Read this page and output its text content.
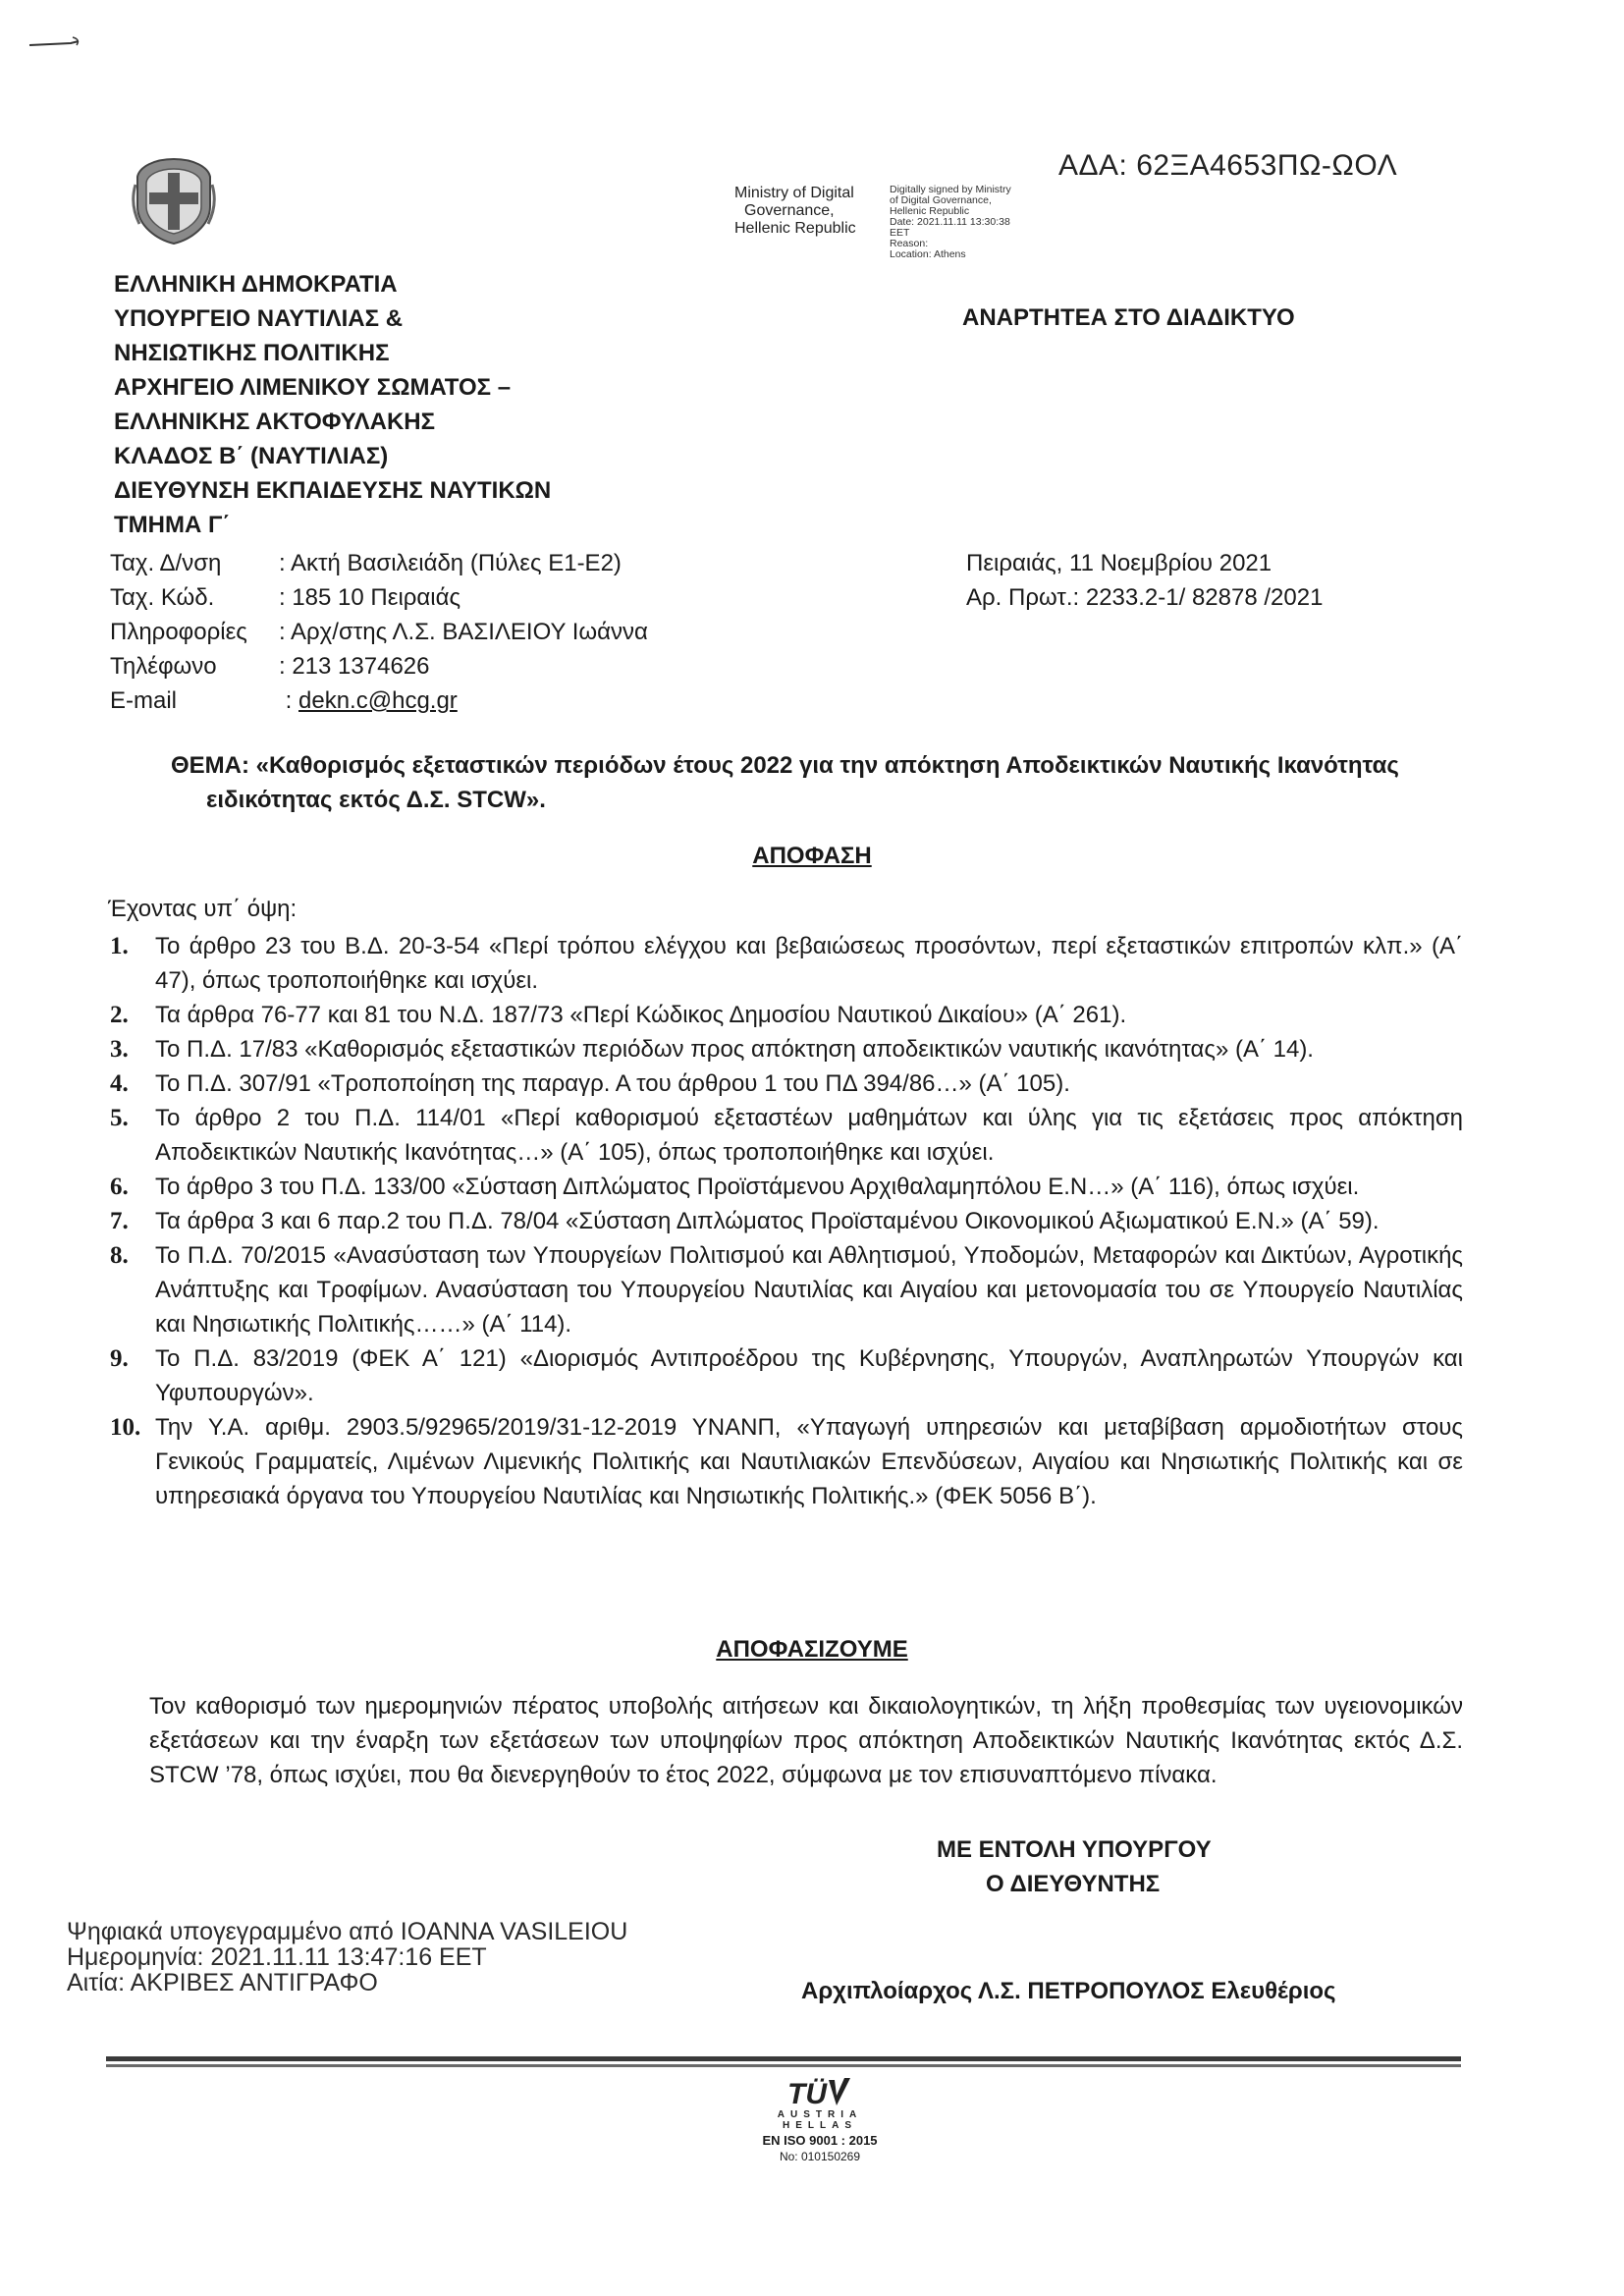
Ministry of Digital
Governance,
Hellenic Republic
Digitally signed by Ministry
of Digital Governance,
Hellenic Republic
Date: 2021.11.11 13:30:38
EET
Reason:
Location: Athens
ΑΔΑ: 62ΞΑ4653ΠΩ-ΩΟΛ
ΕΛΛΗΝΙΚΗ ΔΗΜΟΚΡΑΤΙΑ
ΥΠΟΥΡΓΕΙΟ ΝΑΥΤΙΛΙΑΣ &
ΝΗΣΙΩΤΙΚΗΣ ΠΟΛΙΤΙΚΗΣ
ΑΡΧΗΓΕΙΟ ΛΙΜΕΝΙΚΟΥ ΣΩΜΑΤΟΣ –
ΕΛΛΗΝΙΚΗΣ ΑΚΤΟΦΥΛΑΚΗΣ
ΚΛΑΔΟΣ Β΄ (ΝΑΥΤΙΛΙΑΣ)
ΔΙΕΥΘΥΝΣΗ ΕΚΠΑΙΔΕΥΣΗΣ ΝΑΥΤΙΚΩΝ
ΤΜΗΜΑ Γ΄
ΑΝΑΡΤΗΤΕΑ ΣΤΟ ΔΙΑΔΙΚΤΥΟ
Ταχ. Δ/νση	: Ακτή Βασιλειάδη (Πύλες Ε1-Ε2)
Ταχ. Κώδ.	: 185 10 Πειραιάς
Πληροφορίες	: Αρχ/στης Λ.Σ. ΒΑΣΙΛΕΙΟΥ Ιωάννα
Τηλέφωνο	: 213 1374626
E-mail	: dekn.c@hcg.gr
Πειραιάς, 11 Νοεμβρίου 2021
Αρ. Πρωτ.: 2233.2-1/ 82878 /2021
ΘΕΜΑ: «Καθορισμός εξεταστικών περιόδων έτους 2022 για την απόκτηση Αποδεικτικών Ναυτικής Ικανότητας
ειδικότητας εκτός Δ.Σ. STCW».
ΑΠΟΦΑΣΗ
Έχοντας υπ΄ όψη:
1.	Το άρθρο 23 του Β.Δ. 20-3-54 «Περί τρόπου ελέγχου και βεβαιώσεως προσόντων, περί εξεταστικών επιτροπών κλπ.» (Α΄ 47), όπως τροποποιήθηκε και ισχύει.
2.	Τα άρθρα 76-77 και 81 του Ν.Δ. 187/73 «Περί Κώδικος Δημοσίου Ναυτικού Δικαίου» (Α΄ 261).
3.	Το Π.Δ. 17/83 «Καθορισμός εξεταστικών περιόδων προς απόκτηση αποδεικτικών ναυτικής ικανότητας» (Α΄ 14).
4.	Το Π.Δ. 307/91 «Τροποποίηση της παραγρ. Α του άρθρου 1 του ΠΔ 394/86…» (Α΄ 105).
5.	Το άρθρο 2 του Π.Δ. 114/01 «Περί καθορισμού εξεταστέων μαθημάτων και ύλης για τις εξετάσεις προς απόκτηση Αποδεικτικών Ναυτικής Ικανότητας…» (Α΄ 105), όπως τροποποιήθηκε και ισχύει.
6.	Το άρθρο 3 του Π.Δ. 133/00 «Σύσταση Διπλώματος Προϊστάμενου Αρχιθαλαμηπόλου Ε.Ν…» (Α΄ 116), όπως ισχύει.
7.	Τα άρθρα 3 και 6 παρ.2 του Π.Δ. 78/04 «Σύσταση Διπλώματος Προϊσταμένου Οικονομικού Αξιωματικού Ε.Ν.» (Α΄ 59).
8.	Το Π.Δ. 70/2015 «Ανασύσταση των Υπουργείων Πολιτισμού και Αθλητισμού, Υποδομών, Μεταφορών και Δικτύων, Αγροτικής Ανάπτυξης και Τροφίμων. Ανασύσταση του Υπουργείου Ναυτιλίας και Αιγαίου και μετονομασία του σε Υπουργείο Ναυτιλίας και Νησιωτικής Πολιτικής……» (Α΄ 114).
9.	Το Π.Δ. 83/2019 (ΦΕΚ Α΄ 121) «Διορισμός Αντιπροέδρου της Κυβέρνησης, Υπουργών, Αναπληρωτών Υπουργών και Υφυπουργών».
10. Την Υ.Α. αριθμ. 2903.5/92965/2019/31-12-2019 ΥΝΑΝΠ, «Υπαγωγή υπηρεσιών και μεταβίβαση αρμοδιοτήτων στους Γενικούς Γραμματείς, Λιμένων Λιμενικής Πολιτικής και Ναυτιλιακών Επενδύσεων, Αιγαίου και Νησιωτικής Πολιτικής και σε υπηρεσιακά όργανα του Υπουργείου Ναυτιλίας και Νησιωτικής Πολιτικής.» (ΦΕΚ 5056 Β΄).
ΑΠΟΦΑΣΙΖΟΥΜΕ
Τον καθορισμό των ημερομηνιών πέρατος υποβολής αιτήσεων και δικαιολογητικών, τη λήξη προθεσμίας των υγειονομικών εξετάσεων και την έναρξη των εξετάσεων των υποψηφίων προς απόκτηση Αποδεικτικών Ναυτικής Ικανότητας εκτός Δ.Σ. STCW ’78, όπως ισχύει, που θα διενεργηθούν το έτος 2022, σύμφωνα με τον επισυναπτόμενο πίνακα.
ΜΕ ΕΝΤΟΛΗ ΥΠΟΥΡΓΟΥ
Ο ΔΙΕΥΘΥΝΤΗΣ
Ψηφιακά υπογεγραμμένο από IOANNA VASILEIOU
Ημερομηνία: 2021.11.11 13:47:16 EET
Αιτία: ΑΚΡΙΒΕΣ ΑΝΤΙΓΡΑΦΟ	Αρχιπλοίαρχος Λ.Σ. ΠΕΤΡΟΠΟΥΛΟΣ Ελευθέριος
TÜ
AUSTRIA
HELLAS
EN ISO 9001 : 2015
No: 010150269
